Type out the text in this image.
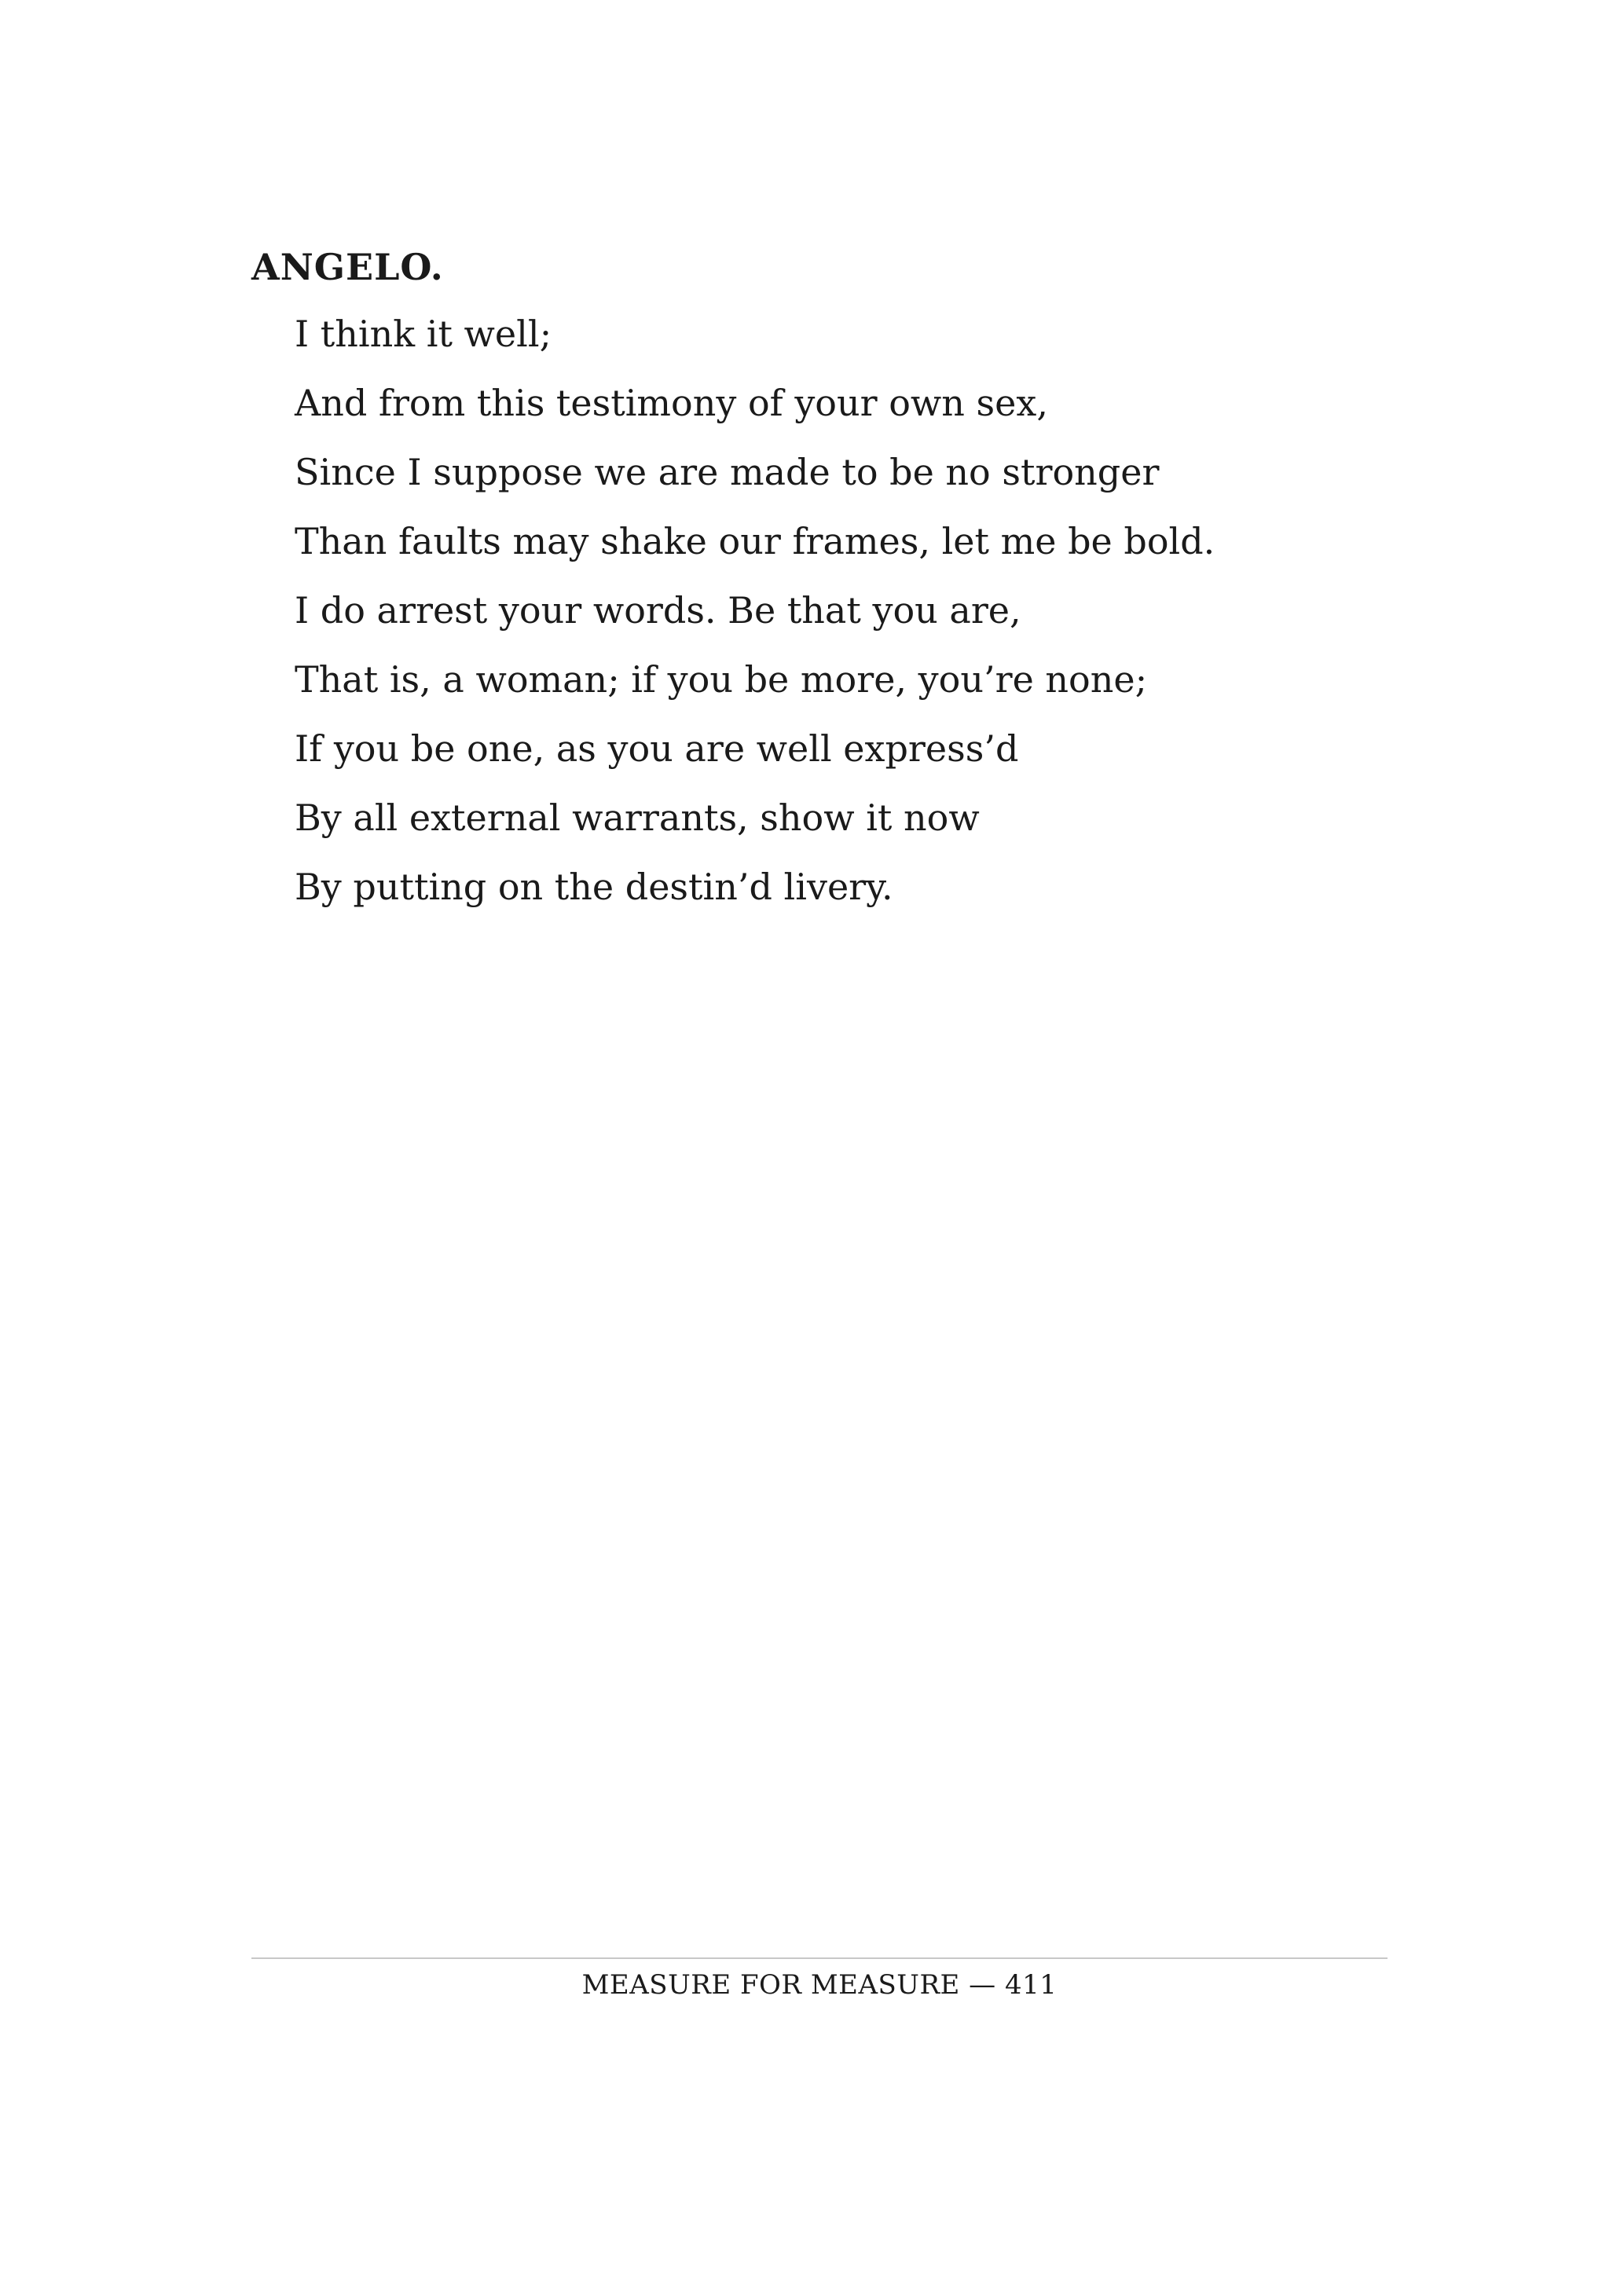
ANGELO.
I think it well;
And from this testimony of your own sex,
Since I suppose we are made to be no stronger
Than faults may shake our frames, let me be bold.
I do arrest your words. Be that you are,
That is, a woman; if you be more, you’re none;
If you be one, as you are well express’d
By all external warrants, show it now
By putting on the destin’d livery.
MEASURE FOR MEASURE — 411
